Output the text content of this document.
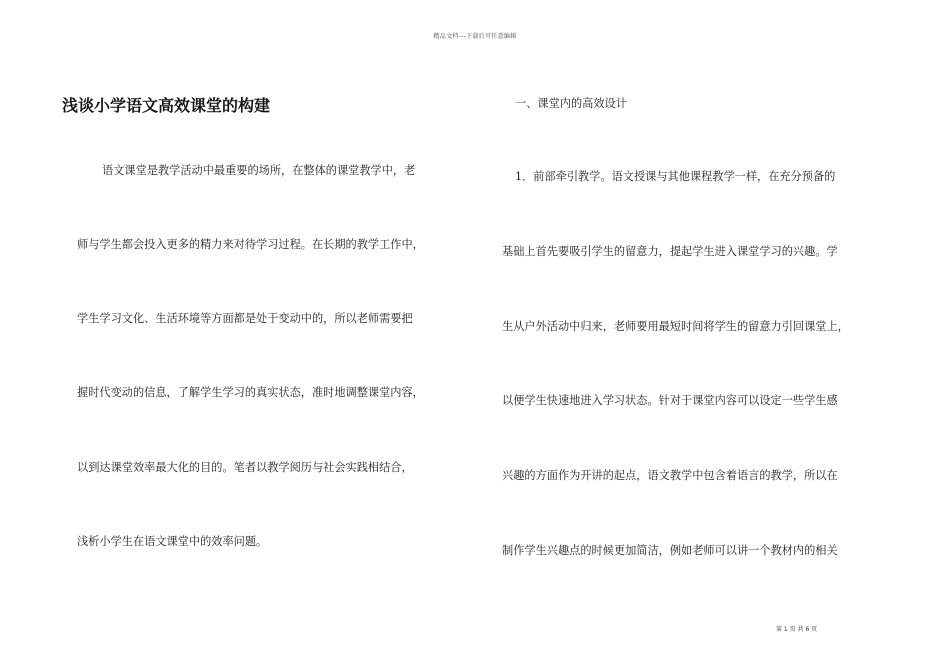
精品文档---下载后可任意编辑
浅谈小学语文高效课堂的构建

语文课堂是教学活动中最重要的场所，在整体的课堂教学中，老

师与学生都会投入更多的精力来对待学习过程。在长期的教学工作中，

学生学习文化、生活环境等方面都是处于变动中的，所以老师需要把

握时代变动的信息，了解学生学习的真实状态，准时地调整课堂内容，

以到达课堂效率最大化的目的。笔者以教学阅历与社会实践相结合，

浅析小学生在语文课堂中的效率问题。

一、课堂内的高效设计

1．前部牵引教学。语文授课与其他课程教学一样，在充分预备的

基础上首先要吸引学生的留意力，提起学生进入课堂学习的兴趣。学

生从户外活动中归来，老师要用最短时间将学生的留意力引回课堂上，

以便学生快速地进入学习状态。针对于课堂内容可以设定一些学生感

兴趣的方面作为开讲的起点，语文教学中包含着语言的教学，所以在

制作学生兴趣点的时候更加简洁，例如老师可以讲一个教材内的相关

第 1 页 共 6 页
